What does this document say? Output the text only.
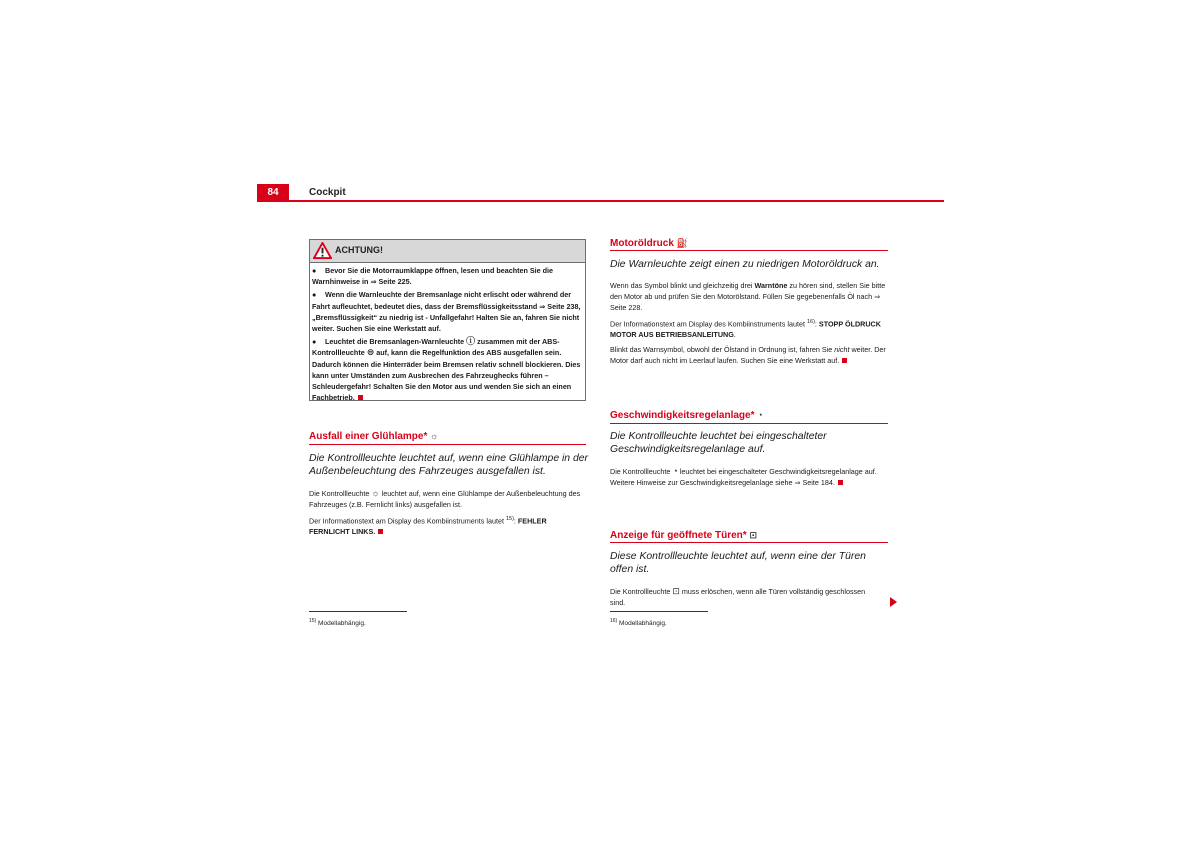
84	Cockpit
ACHTUNG!

● Bevor Sie die Motorraumklappe öffnen, lesen und beachten Sie die Warnhinweise in ⇒ Seite 225.

● Wenn die Warnleuchte der Bremsanlage nicht erlischt oder während der Fahrt aufleuchtet, bedeutet dies, dass der Bremsflüssigkeitsstand ⇒ Seite 238, „Bremsflüssigkeit“ zu niedrig ist - Unfallgefahr! Halten Sie an, fahren Sie nicht weiter. Suchen Sie eine Werkstatt auf.

● Leuchtet die Bremsanlagen-Warnleuchte ⓘ zusammen mit der ABS-Kontrollleuchte ⊜ auf, kann die Regelfunktion des ABS ausgefallen sein. Dadurch können die Hinterräder beim Bremsen relativ schnell blockieren. Dies kann unter Umständen zum Ausbrechen des Fahrzeughecks führen – Schleudergefahr! Schalten Sie den Motor aus und wenden Sie sich an einen Fachbetrieb.

Ausfall einer Glühlampe* ☼
Die Kontrollleuchte leuchtet auf, wenn eine Glühlampe in der Außenbeleuchtung des Fahrzeuges ausgefallen ist.

Die Kontrollleuchte ☼ leuchtet auf, wenn eine Glühlampe der Außenbeleuchtung des Fahrzeuges (z.B. Fernlicht links) ausgefallen ist.

Der Informationstext am Display des Kombiinstruments lautet $^{15)}$: FEHLER FERNLICHT LINKS.

$^{15)}$ Modellabhängig.
Motoröldruck ⛽
Die Warnleuchte zeigt einen zu niedrigen Motoröldruck an.

Wenn das Symbol blinkt und gleichzeitig drei Warntöne zu hören sind, stellen Sie bitte den Motor ab und prüfen Sie den Motorölstand. Füllen Sie gegebenenfalls Öl nach ⇒ Seite 228.

Der Informationstext am Display des Kombiinstruments lautet $^{16)}$: STOPP ÖLDRUCK MOTOR AUS BETRIEBSANLEITUNG.

Blinkt das Warnsymbol, obwohl der Ölstand in Ordnung ist, fahren Sie nicht weiter. Der Motor darf auch nicht im Leerlauf laufen. Suchen Sie eine Werkstatt auf.

Geschwindigkeitsregelanlage* ◔
Die Kontrollleuchte leuchtet bei eingeschalteter Geschwindigkeitsregelanlage auf.

Die Kontrollleuchte ◔ leuchtet bei eingeschalteter Geschwindigkeitsregelanlage auf. Weitere Hinweise zur Geschwindigkeitsregelanlage siehe ⇒ Seite 184.

Anzeige für geöffnete Türen* ⊡
Diese Kontrollleuchte leuchtet auf, wenn eine der Türen offen ist.

Die Kontrollleuchte ⊡ muss erlöschen, wenn alle Türen vollständig geschlossen sind.

$^{16)}$ Modellabhängig.
